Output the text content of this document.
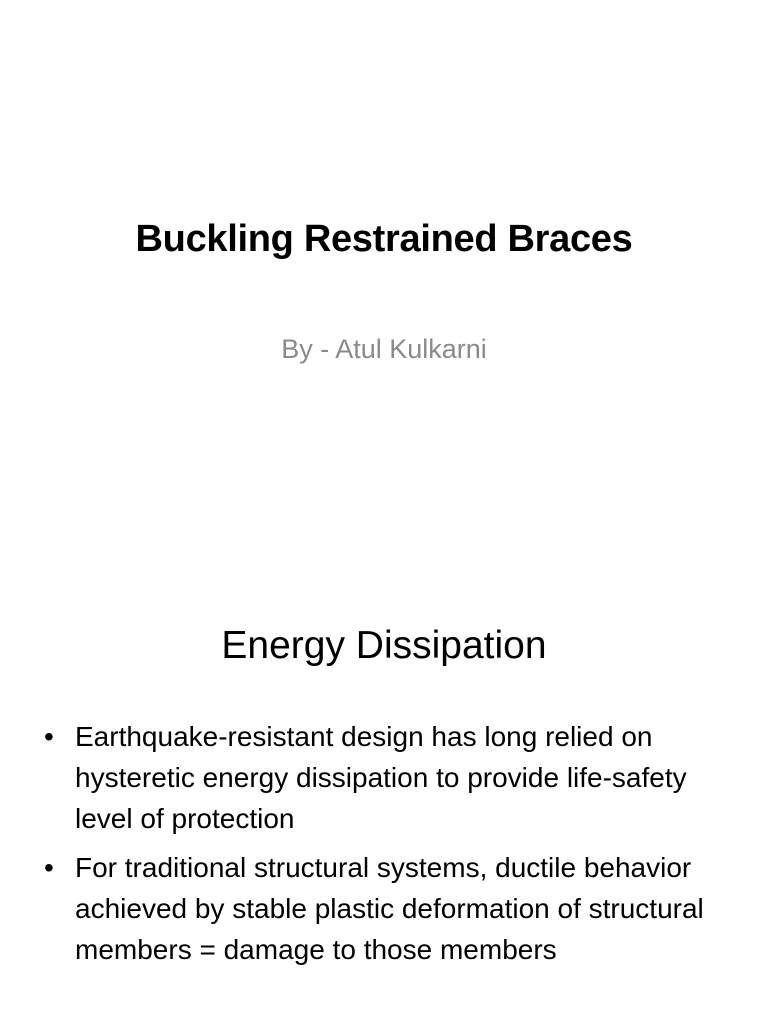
Buckling Restrained Braces

By - Atul Kulkarni

Energy Dissipation
• Earthquake-resistant design has long relied on hysteretic energy dissipation to provide life-safety level of protection
• For traditional structural systems, ductile behavior achieved by stable plastic deformation of structural members = damage to those members
